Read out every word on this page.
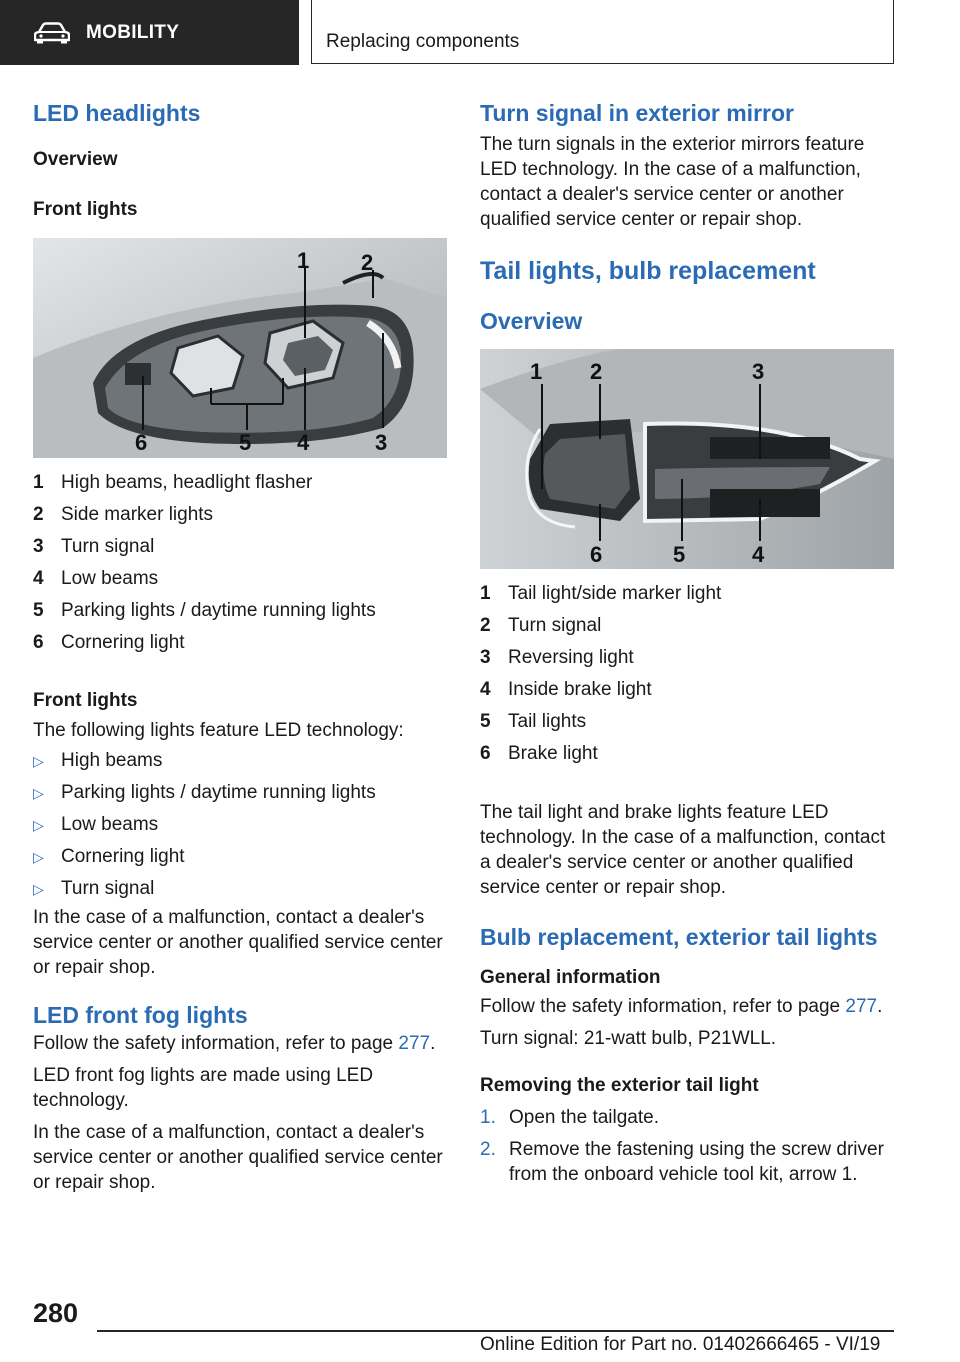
MOBILITY	Replacing components
LED headlights
Overview
Front lights
1 2
3
4
5
6
1 High beams, headlight flasher
2 Side marker lights
3 Turn signal
4 Low beams
5 Parking lights / daytime running lights
6 Cornering light
Front lights

The following lights feature LED technology:

▷ High beams
▷ Parking lights / daytime running lights
▷ Low beams
▷ Cornering light
▷ Turn signal

In the case of a malfunction, contact a dealer's service center or another qualified service center or repair shop.

LED front fog lights

Follow the safety information, refer to page 277.

LED front fog lights are made using LED technology.

In the case of a malfunction, contact a dealer's service center or another qualified service center or repair shop.

Turn signal in exterior mirror

The turn signals in the exterior mirrors feature LED technology. In the case of a malfunction, contact a dealer's service center or another qualified service center or repair shop.

Tail lights, bulb replacement
Overview
1 2	3
4
5
6
1 Tail light/side marker light
2 Turn signal
3 Reversing light
4 Inside brake light
5 Tail lights
6 Brake light

The tail light and brake lights feature LED technology. In the case of a malfunction, contact a dealer's service center or another qualified service center or repair shop.

Bulb replacement, exterior tail lights
General information

Follow the safety information, refer to page 277.

Turn signal: 21-watt bulb, P21WLL.

Removing the exterior tail light
1. Open the tailgate.
2. Remove the fastening using the screw driver from the onboard vehicle tool kit, arrow 1.
280
Online Edition for Part no. 01402666465 - VI/19
